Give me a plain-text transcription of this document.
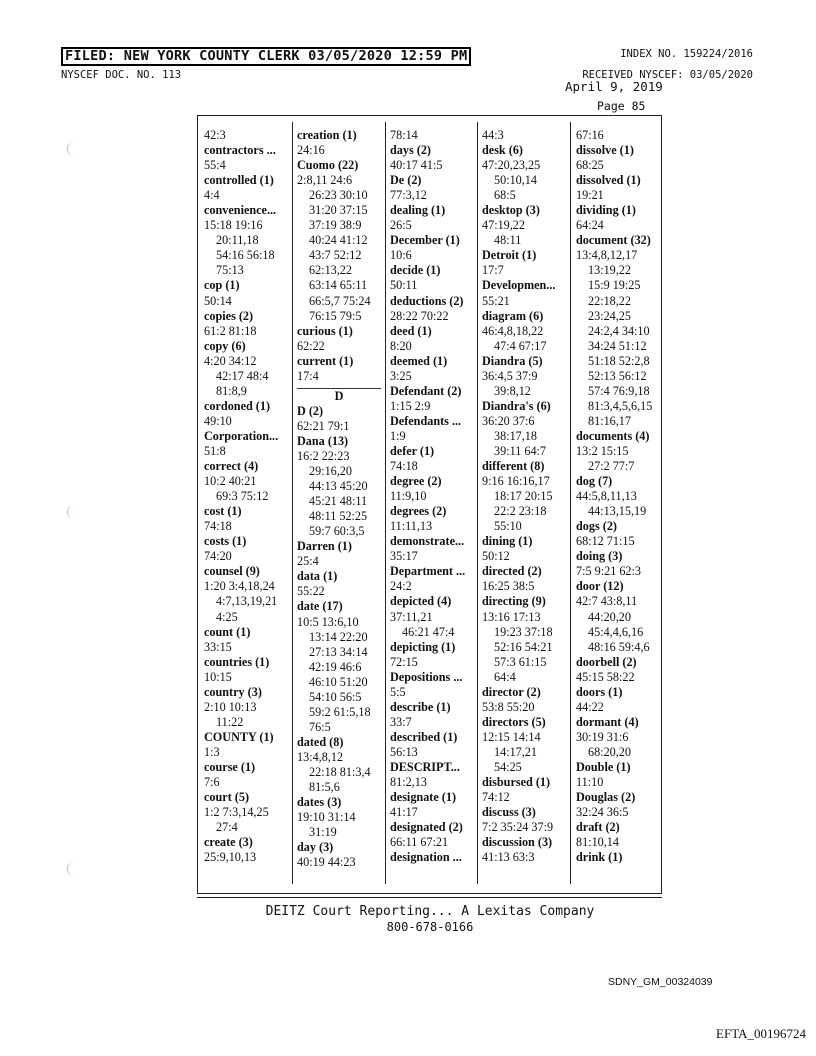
FILED: NEW YORK COUNTY CLERK 03/05/2020 12:59 PM	INDEX NO. 159224/2016
NYSCEF DOC. NO. 113	RECEIVED NYSCEF: 03/05/2020
April 9, 2019
Page 85
42:3
contractors ...
55:4
controlled (1)
4:4
convenience...
15:18 19:16
20:11,18
54:16 56:18
75:13
cop (1)
50:14
copies (2)
61:2 81:18
copy (6)
4:20 34:12
42:17 48:4
81:8,9
cordoned (1)
49:10
Corporation...
51:8
correct (4)
10:2 40:21
69:3 75:12
cost (1)
74:18
costs (1)
74:20
counsel (9)
1:20 3:4,18,24
4:7,13,19,21
4:25
count (1)
33:15
countries (1)
10:15
country (3)
2:10 10:13
11:22
COUNTY (1)
1:3
course (1)
7:6
court (5)
1:2 7:3,14,25
27:4
create (3)
25:9,10,13
creation (1)
24:16
Cuomo (22)
2:8,11 24:6
26:23 30:10
31:20 37:15
37:19 38:9
40:24 41:12
43:7 52:12
62:13,22
63:14 65:11
66:5,7 75:24
76:15 79:5
curious (1)
62:22
current (1)
17:4
D
D (2)
62:21 79:1
Dana (13)
16:2 22:23
29:16,20
44:13 45:20
45:21 48:11
48:11 52:25
59:7 60:3,5
Darren (1)
25:4
data (1)
55:22
date (17)
10:5 13:6,10
13:14 22:20
27:13 34:14
42:19 46:6
46:10 51:20
54:10 56:5
59:2 61:5,18
76:5
dated (8)
13:4,8,12
22:18 81:3,4
81:5,6
dates (3)
19:10 31:14
31:19
day (3)
40:19 44:23
78:14
days (2)
40:17 41:5
De (2)
77:3,12
dealing (1)
26:5
December (1)
10:6
decide (1)
50:11
deductions (2)
28:22 70:22
deed (1)
8:20
deemed (1)
3:25
Defendant (2)
1:15 2:9
Defendants ...
1:9
defer (1)
74:18
degree (2)
11:9,10
degrees (2)
11:11,13
demonstrate...
35:17
Department ...
24:2
depicted (4)
37:11,21
46:21 47:4
depicting (1)
72:15
Depositions ...
5:5
describe (1)
33:7
described (1)
56:13
DESCRIPT...
81:2,13
designate (1)
41:17
designated (2)
66:11 67:21
designation ...
44:3
desk (6)
47:20,23,25
50:10,14
68:5
desktop (3)
47:19,22
48:11
Detroit (1)
17:7
Developmen...
55:21
diagram (6)
46:4,8,18,22
47:4 67:17
Diandra (5)
36:4,5 37:9
39:8,12
Diandra's (6)
36:20 37:6
38:17,18
39:11 64:7
different (8)
9:16 16:16,17
18:17 20:15
22:2 23:18
55:10
dining (1)
50:12
directed (2)
16:25 38:5
directing (9)
13:16 17:13
19:23 37:18
52:16 54:21
57:3 61:15
64:4
director (2)
53:8 55:20
directors (5)
12:15 14:14
14:17,21
54:25
disbursed (1)
74:12
discuss (3)
7:2 35:24 37:9
discussion (3)
41:13 63:3
67:16
dissolve (1)
68:25
dissolved (1)
19:21
dividing (1)
64:24
document (32)
13:4,8,12,17
13:19,22
15:9 19:25
22:18,22
23:24,25
24:2,4 34:10
34:24 51:12
51:18 52:2,8
52:13 56:12
57:4 76:9,18
81:3,4,5,6,15
81:16,17
documents (4)
13:2 15:15
27:2 77:7
dog (7)
44:5,8,11,13
44:13,15,19
dogs (2)
68:12 71:15
doing (3)
7:5 9:21 62:3
door (12)
42:7 43:8,11
44:20,20
45:4,4,6,16
48:16 59:4,6
doorbell (2)
45:15 58:22
doors (1)
44:22
dormant (4)
30:19 31:6
68:20,20
Double (1)
11:10
Douglas (2)
32:24 36:5
draft (2)
81:10,14
drink (1)
DEITZ Court Reporting... A Lexitas Company
800-678-0166
SDNY_GM_00324039
EFTA_00196724
